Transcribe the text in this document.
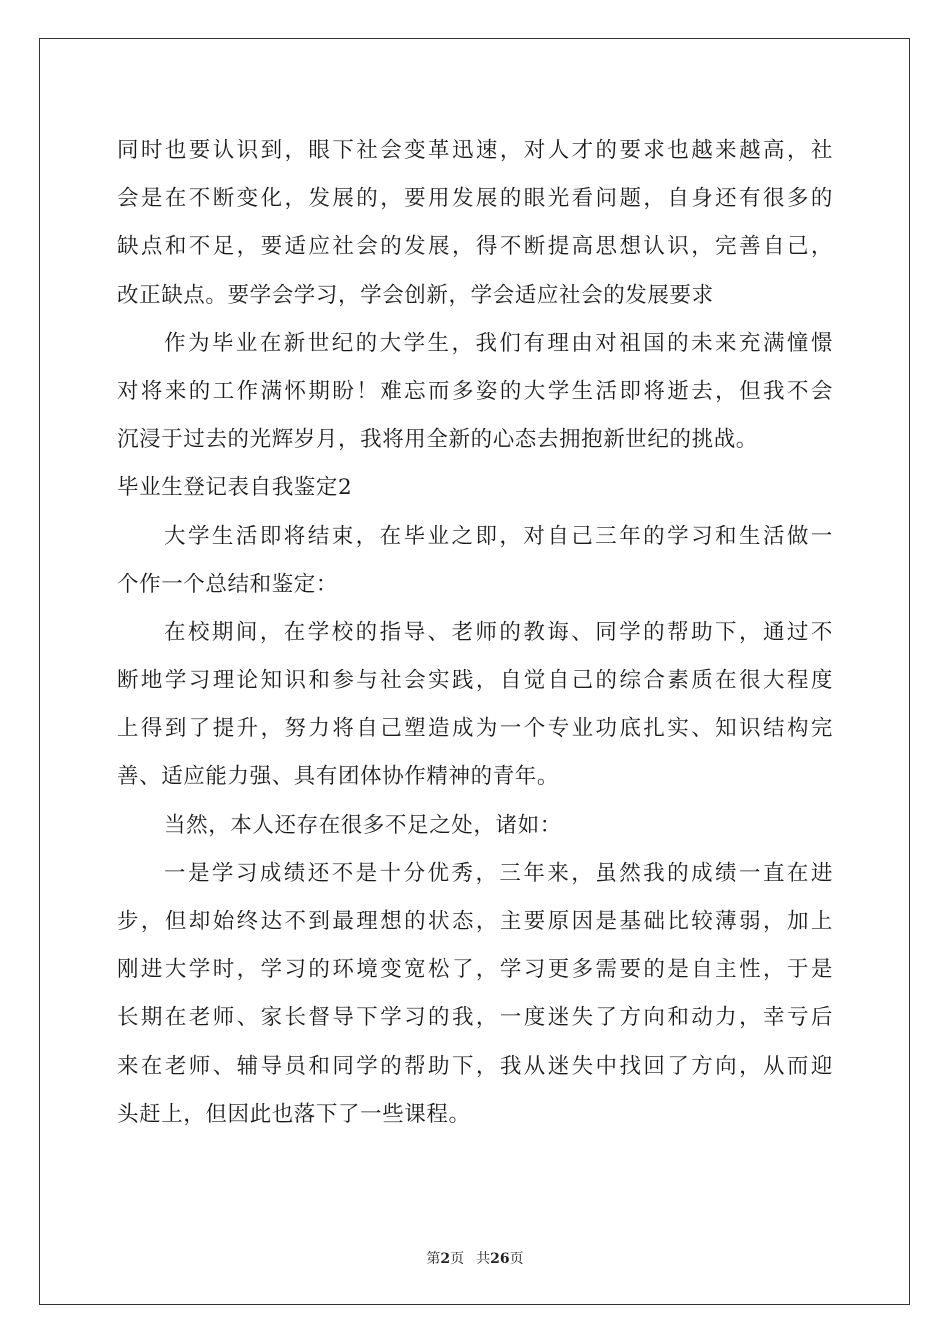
同时也要认识到，眼下社会变革迅速，对人才的要求也越来越高，社
会是在不断变化，发展的，要用发展的眼光看问题，自身还有很多的
缺点和不足，要适应社会的发展，得不断提高思想认识，完善自己，
改正缺点。要学会学习，学会创新，学会适应社会的发展要求
作为毕业在新世纪的大学生，我们有理由对祖国的未来充满憧憬
对将来的工作满怀期盼！难忘而多姿的大学生活即将逝去，但我不会
沉浸于过去的光辉岁月，我将用全新的心态去拥抱新世纪的挑战。
毕业生登记表自我鉴定2
大学生活即将结束，在毕业之即，对自己三年的学习和生活做一
个作一个总结和鉴定：
在校期间，在学校的指导、老师的教诲、同学的帮助下，通过不
断地学习理论知识和参与社会实践，自觉自己的综合素质在很大程度
上得到了提升，努力将自己塑造成为一个专业功底扎实、知识结构完
善、适应能力强、具有团体协作精神的青年。
当然，本人还存在很多不足之处，诸如：
一是学习成绩还不是十分优秀，三年来，虽然我的成绩一直在进
步，但却始终达不到最理想的状态，主要原因是基础比较薄弱，加上
刚进大学时，学习的环境变宽松了，学习更多需要的是自主性，于是
长期在老师、家长督导下学习的我，一度迷失了方向和动力，幸亏后
来在老师、辅导员和同学的帮助下，我从迷失中找回了方向，从而迎
头赶上，但因此也落下了一些课程。
第2页 共26页
